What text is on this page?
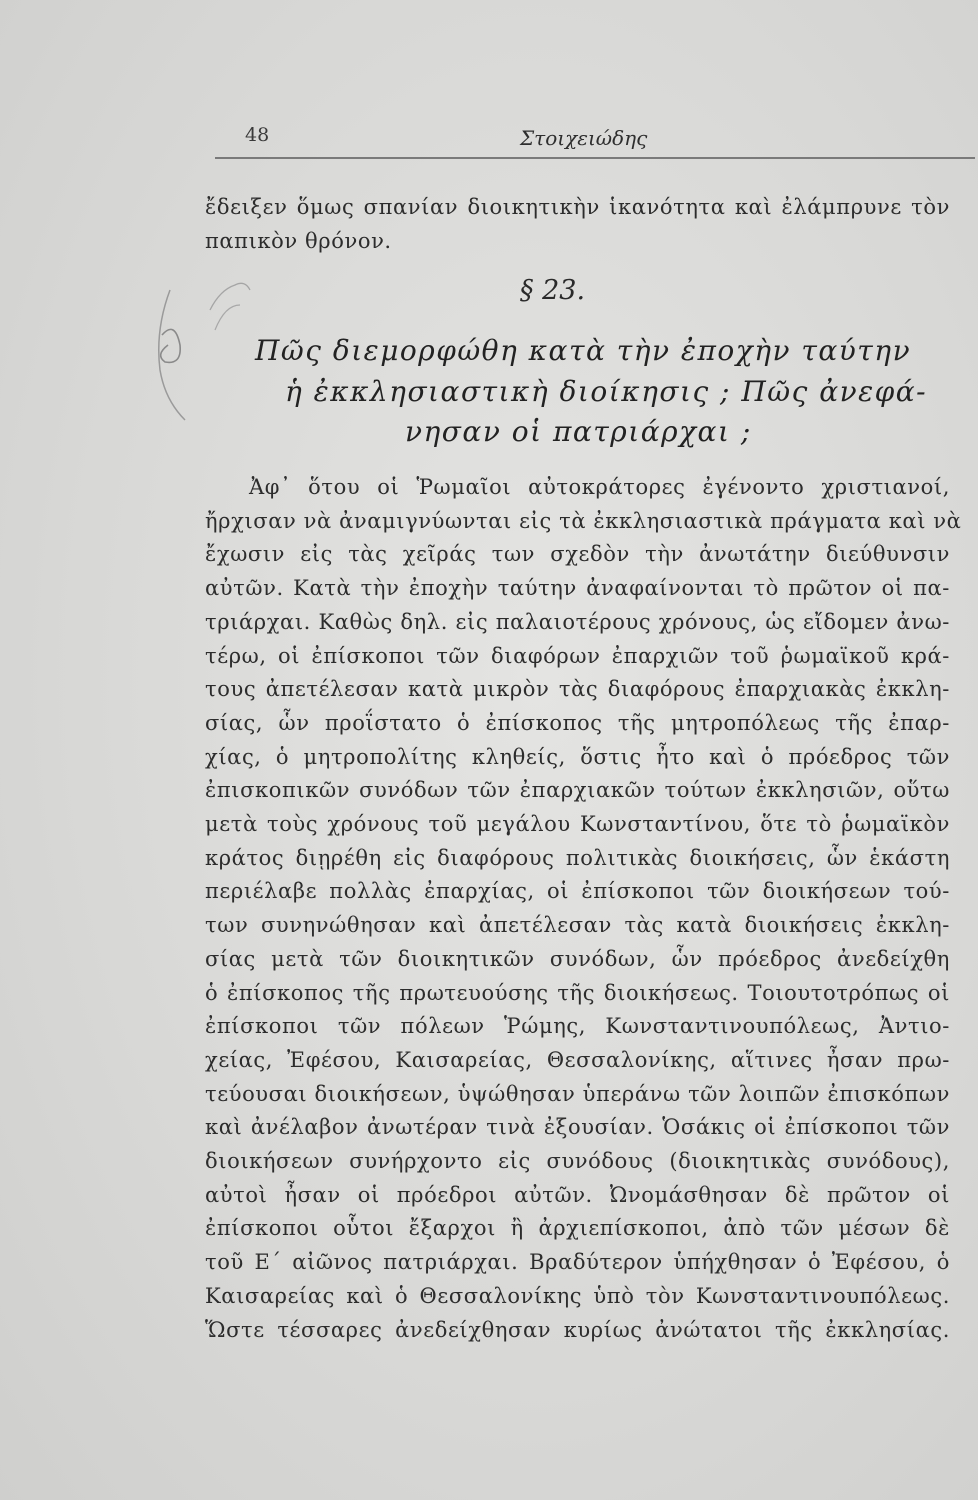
48	Στοιχειώδης
ἔδειξεν ὅμως σπανίαν διοικητικὴν ἱκανότητα καὶ ἐλάμπρυνε τὸν
παπικὸν θρόνον.
§ 23.
Πῶς διεμορφώθη κατὰ τὴν ἐποχὴν ταύτην
ἡ ἐκκλησιαστικὴ διοίκησις ; Πῶς ἀνεφά-
νησαν οἱ πατριάρχαι ;
Ἀφ᾽ ὅτου οἱ Ῥωμαῖοι αὐτοκράτορες ἐγένοντο χριστιανοί,
ἤρχισαν νὰ ἀναμιγνύωνται εἰς τὰ ἐκκλησιαστικὰ πράγματα καὶ νὰ
ἔχωσιν εἰς τὰς χεῖράς των σχεδὸν τὴν ἀνωτάτην διεύθυνσιν
αὐτῶν. Κατὰ τὴν ἐποχὴν ταύτην ἀναφαίνονται τὸ πρῶτον οἱ πα-
τριάρχαι. Καθὼς δηλ. εἰς παλαιοτέρους χρόνους, ὡς εἴδομεν ἀνω-
τέρω, οἱ ἐπίσκοποι τῶν διαφόρων ἐπαρχιῶν τοῦ ῥωμαϊκοῦ κρά-
τους ἀπετέλεσαν κατὰ μικρὸν τὰς διαφόρους ἐπαρχιακὰς ἐκκλη-
σίας, ὧν προΐστατο ὁ ἐπίσκοπος τῆς μητροπόλεως τῆς ἐπαρ-
χίας, ὁ μητροπολίτης κληθείς, ὅστις ἦτο καὶ ὁ πρόεδρος τῶν
ἐπισκοπικῶν συνόδων τῶν ἐπαρχιακῶν τούτων ἐκκλησιῶν, οὕτω
μετὰ τοὺς χρόνους τοῦ μεγάλου Κωνσταντίνου, ὅτε τὸ ῥωμαϊκὸν
κράτος διῃρέθη εἰς διαφόρους πολιτικὰς διοικήσεις, ὧν ἑκάστη
περιέλαβε πολλὰς ἐπαρχίας, οἱ ἐπίσκοποι τῶν διοικήσεων τού-
των συνηνώθησαν καὶ ἀπετέλεσαν τὰς κατὰ διοικήσεις ἐκκλη-
σίας μετὰ τῶν διοικητικῶν συνόδων, ὧν πρόεδρος ἀνεδείχθη
ὁ ἐπίσκοπος τῆς πρωτευούσης τῆς διοικήσεως. Τοιουτοτρόπως οἱ
ἐπίσκοποι τῶν πόλεων Ῥώμης, Κωνσταντινουπόλεως, Ἀντιο-
χείας, Ἐφέσου, Καισαρείας, Θεσσαλονίκης, αἵτινες ἦσαν πρω-
τεύουσαι διοικήσεων, ὑψώθησαν ὑπεράνω τῶν λοιπῶν ἐπισκόπων
καὶ ἀνέλαβον ἀνωτέραν τινὰ ἐξουσίαν. Ὁσάκις οἱ ἐπίσκοποι τῶν
διοικήσεων συνήρχοντο εἰς συνόδους (διοικητικὰς συνόδους),
αὐτοὶ ἦσαν οἱ πρόεδροι αὐτῶν. Ὠνομάσθησαν δὲ πρῶτον οἱ
ἐπίσκοποι οὗτοι ἔξαρχοι ἢ ἀρχιεπίσκοποι, ἀπὸ τῶν μέσων δὲ
τοῦ Ε´ αἰῶνος πατριάρχαι. Βραδύτερον ὑπήχθησαν ὁ Ἐφέσου, ὁ
Καισαρείας καὶ ὁ Θεσσαλονίκης ὑπὸ τὸν Κωνσταντινουπόλεως.
Ὥστε τέσσαρες ἀνεδείχθησαν κυρίως ἀνώτατοι τῆς ἐκκλησίας.
